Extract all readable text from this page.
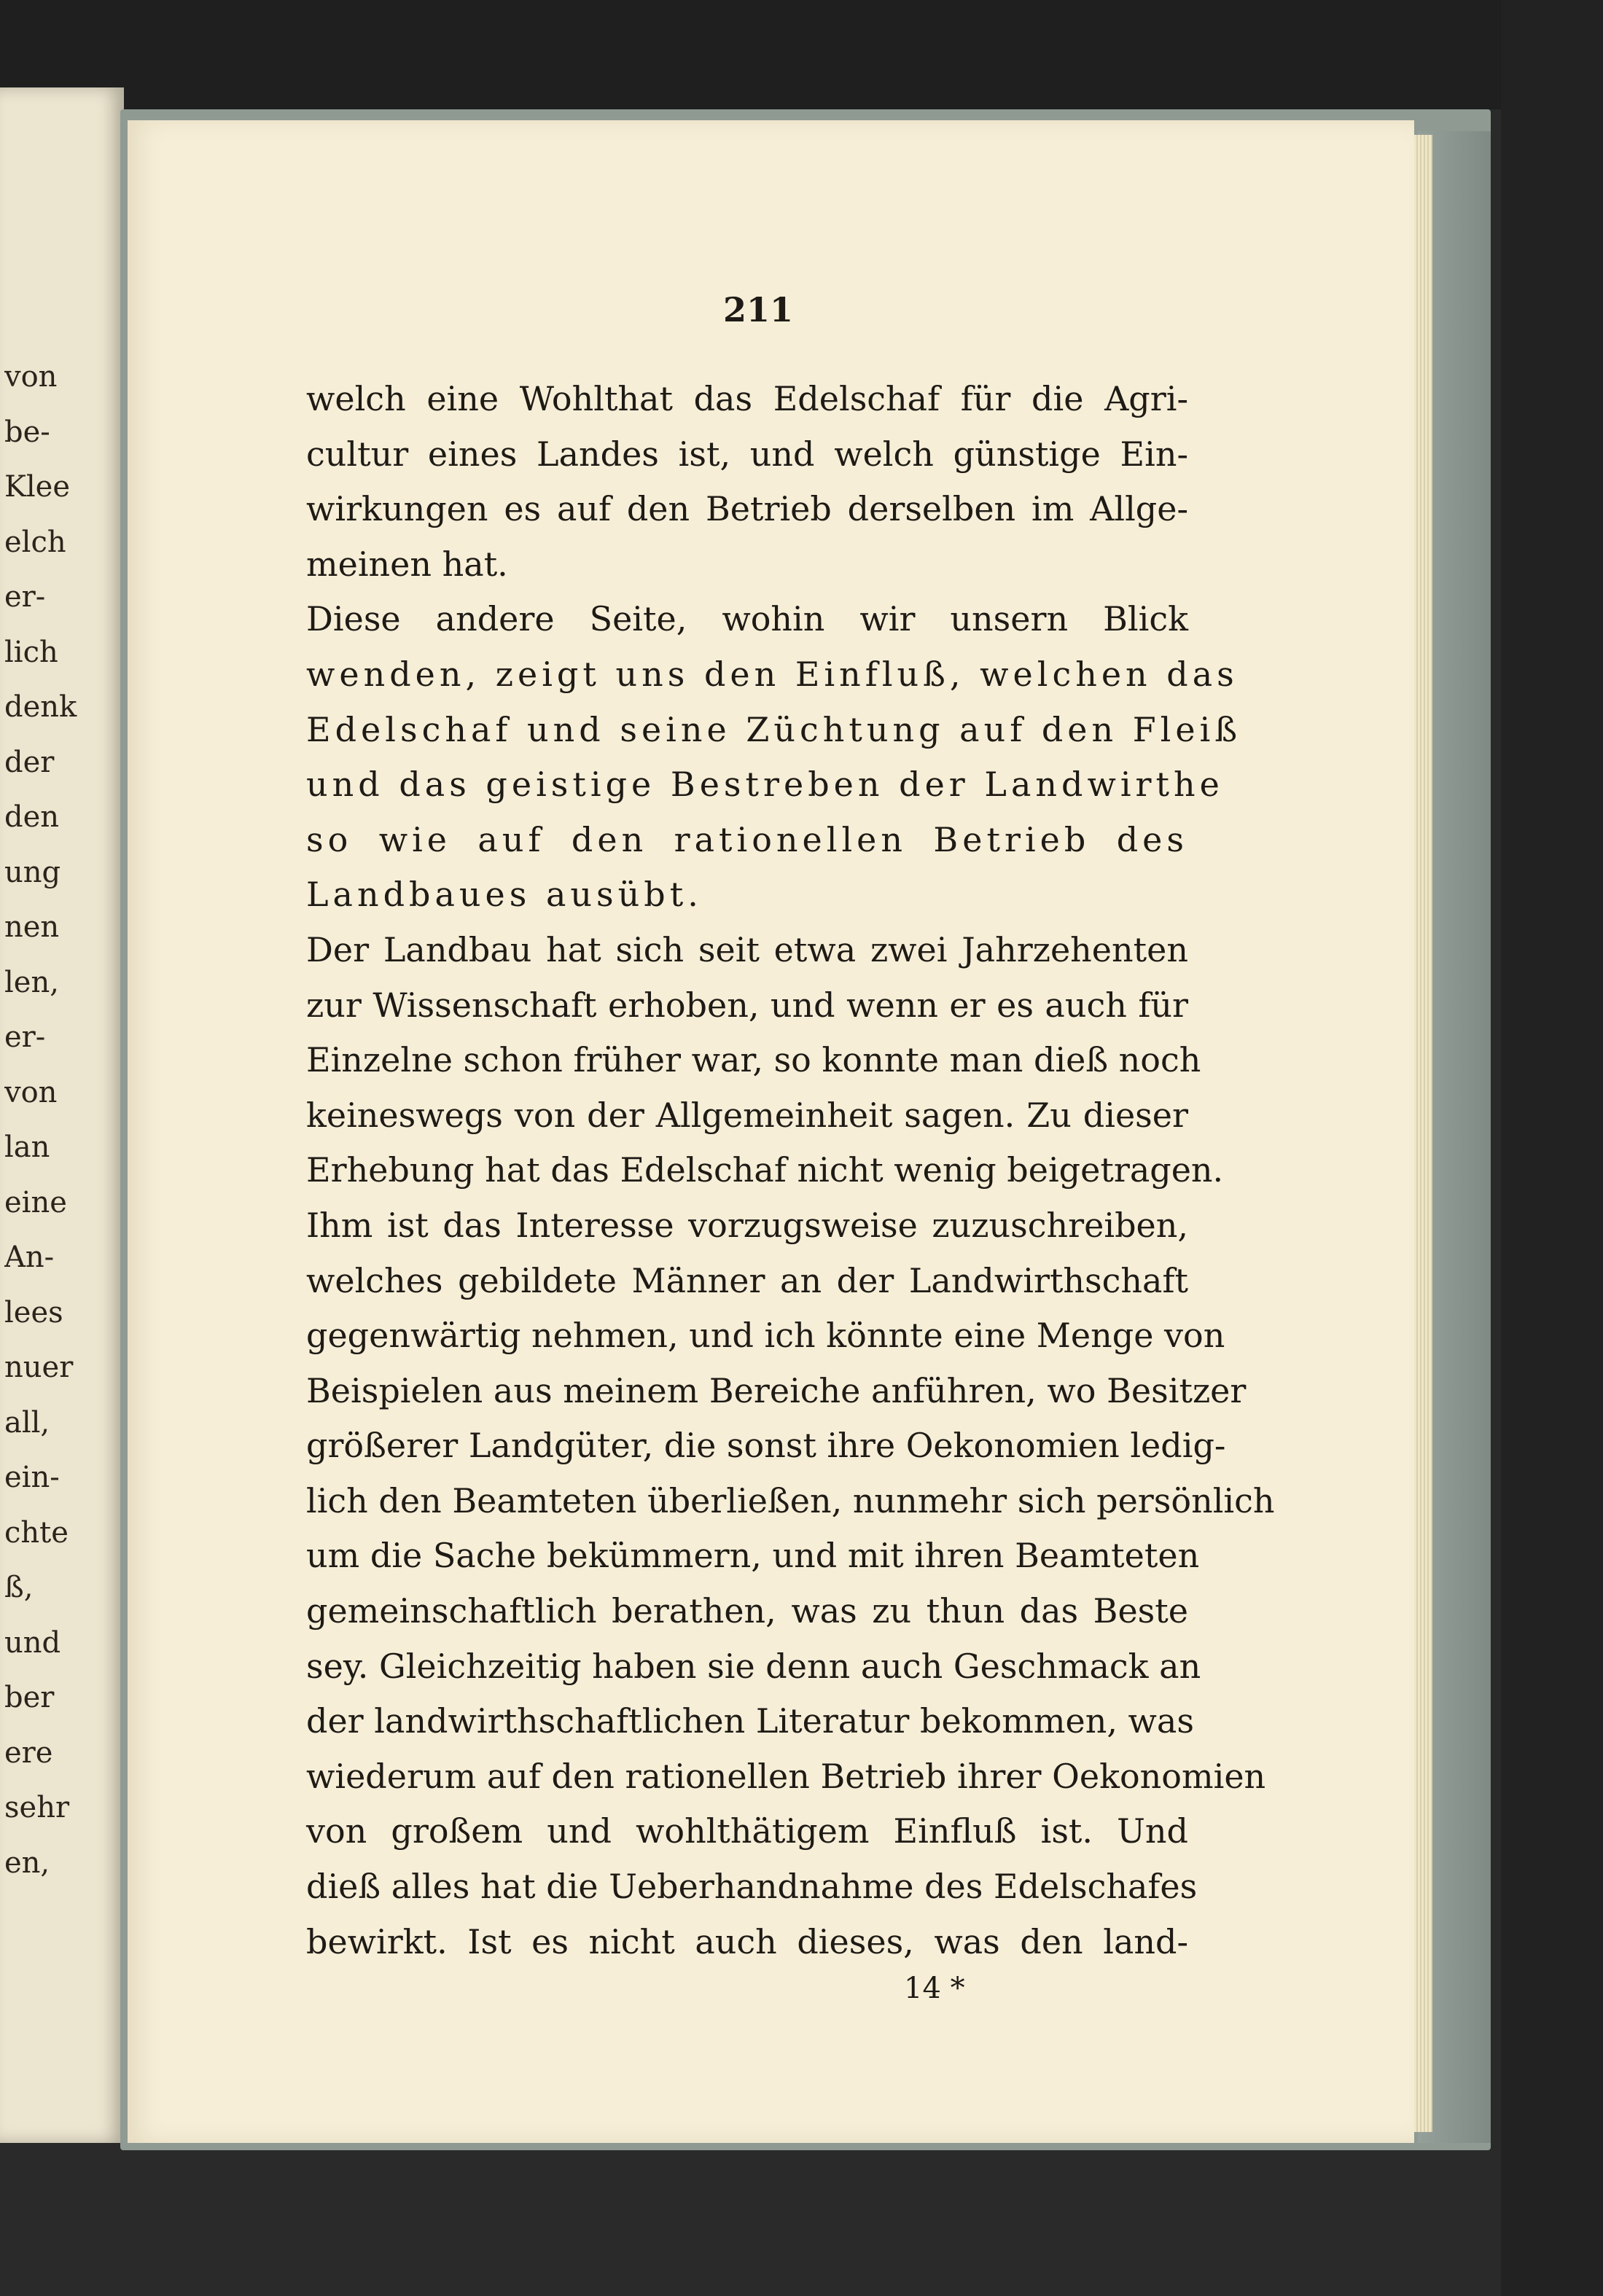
von
be-
Klee
elch
er-
lich
denk
der
den
ung
nen
len,
er-
von
lan
eine
An-
lees
nuer
all,
ein-
chte
ß,
und
ber
ere
sehr
en,
211
welch eine Wohlthat das Edelschaf für die Agri-
cultur eines Landes ist, und welch günstige Ein-
wirkungen es auf den Betrieb derselben im Allge-
meinen hat.
Diese andere Seite, wohin wir unsern Blick
wenden, zeigt uns den Einfluß, welchen das
Edelschaf und seine Züchtung auf den Fleiß
und das geistige Bestreben der Landwirthe
so wie auf den rationellen Betrieb des
Landbaues ausübt.
Der Landbau hat sich seit etwa zwei Jahrzehenten
zur Wissenschaft erhoben, und wenn er es auch für
Einzelne schon früher war, so konnte man dieß noch
keineswegs von der Allgemeinheit sagen. Zu dieser
Erhebung hat das Edelschaf nicht wenig beigetragen.
Ihm ist das Interesse vorzugsweise zuzuschreiben,
welches gebildete Männer an der Landwirthschaft
gegenwärtig nehmen, und ich könnte eine Menge von
Beispielen aus meinem Bereiche anführen, wo Besitzer
größerer Landgüter, die sonst ihre Oekonomien ledig-
lich den Beamteten überließen, nunmehr sich persönlich
um die Sache bekümmern, und mit ihren Beamteten
gemeinschaftlich berathen, was zu thun das Beste
sey. Gleichzeitig haben sie denn auch Geschmack an
der landwirthschaftlichen Literatur bekommen, was
wiederum auf den rationellen Betrieb ihrer Oekonomien
von großem und wohlthätigem Einfluß ist. Und
dieß alles hat die Ueberhandnahme des Edelschafes
bewirkt. Ist es nicht auch dieses, was den land-
14 *
